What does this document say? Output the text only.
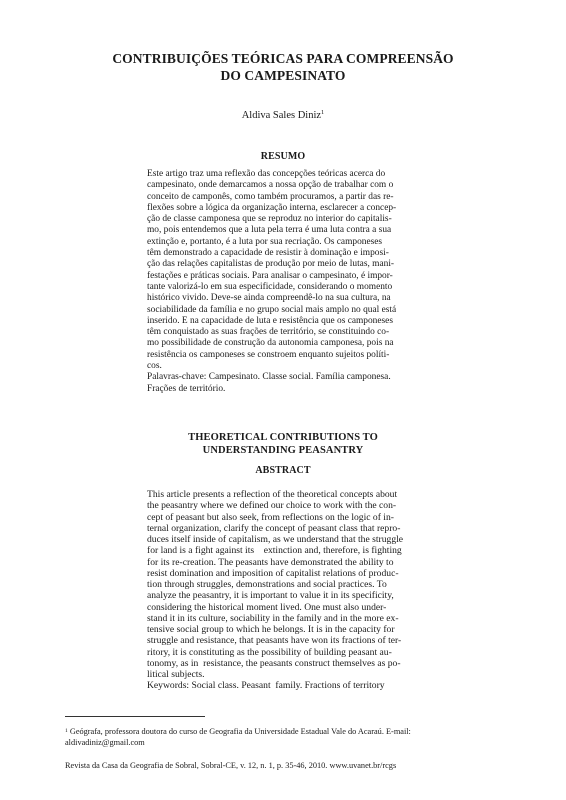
CONTRIBUIÇÕES TEÓRICAS PARA COMPREENSÃO
DO CAMPESINATO
Aldiva Sales Diniz$^1$
RESUMO
Este artigo traz uma reflexão das concepções teóricas acerca do
campesinato, onde demarcamos a nossa opção de trabalhar com o
conceito de camponês, como também procuramos, a partir das re-
flexões sobre a lógica da organização interna, esclarecer a concep-
ção de classe camponesa que se reproduz no interior do capitalis-
mo, pois entendemos que a luta pela terra é uma luta contra a sua
extinção e, portanto, é a luta por sua recriação. Os camponeses
têm demonstrado a capacidade de resistir à dominação e imposi-
ção das relações capitalistas de produção por meio de lutas, mani-
festações e práticas sociais. Para analisar o campesinato, é impor-
tante valorizá-lo em sua especificidade, considerando o momento
histórico vivido. Deve-se ainda compreendê-lo na sua cultura, na
sociabilidade da família e no grupo social mais amplo no qual está
inserido. É na capacidade de luta e resistência que os camponeses
têm conquistado as suas frações de território, se constituindo co-
mo possibilidade de construção da autonomia camponesa, pois na
resistência os camponeses se constroem enquanto sujeitos políti-
cos.
Palavras-chave: Campesinato. Classe social. Família camponesa.
Frações de território.
THEORETICAL CONTRIBUTIONS TO
UNDERSTANDING PEASANTRY
ABSTRACT
This article presents a reflection of the theoretical concepts about
the peasantry where we defined our choice to work with the con-
cept of peasant but also seek, from reflections on the logic of in-
ternal organization, clarify the concept of peasant class that repro-
duces itself inside of capitalism, as we understand that the struggle
for land is a fight against its    extinction and, therefore, is fighting
for its re-creation. The peasants have demonstrated the ability to
resist domination and imposition of capitalist relations of produc-
tion through struggles, demonstrations and social practices. To
analyze the peasantry, it is important to value it in its specificity,
considering the historical moment lived. One must also under-
stand it in its culture, sociability in the family and in the more ex-
tensive social group to which he belongs. It is in the capacity for
struggle and resistance, that peasants have won its fractions of ter-
ritory, it is constituting as the possibility of building peasant au-
tonomy, as in  resistance, the peasants construct themselves as po-
litical subjects.
Keywords: Social class. Peasant  family. Fractions of territory
$^1$ Geógrafa, professora doutora do curso de Geografia da Universidade Estadual Vale do Acaraú. E-mail:
aldivadiniz@gmail.com
Revista da Casa da Geografia de Sobral, Sobral-CE, v. 12, n. 1, p. 35-46, 2010. www.uvanet.br/rcgs
